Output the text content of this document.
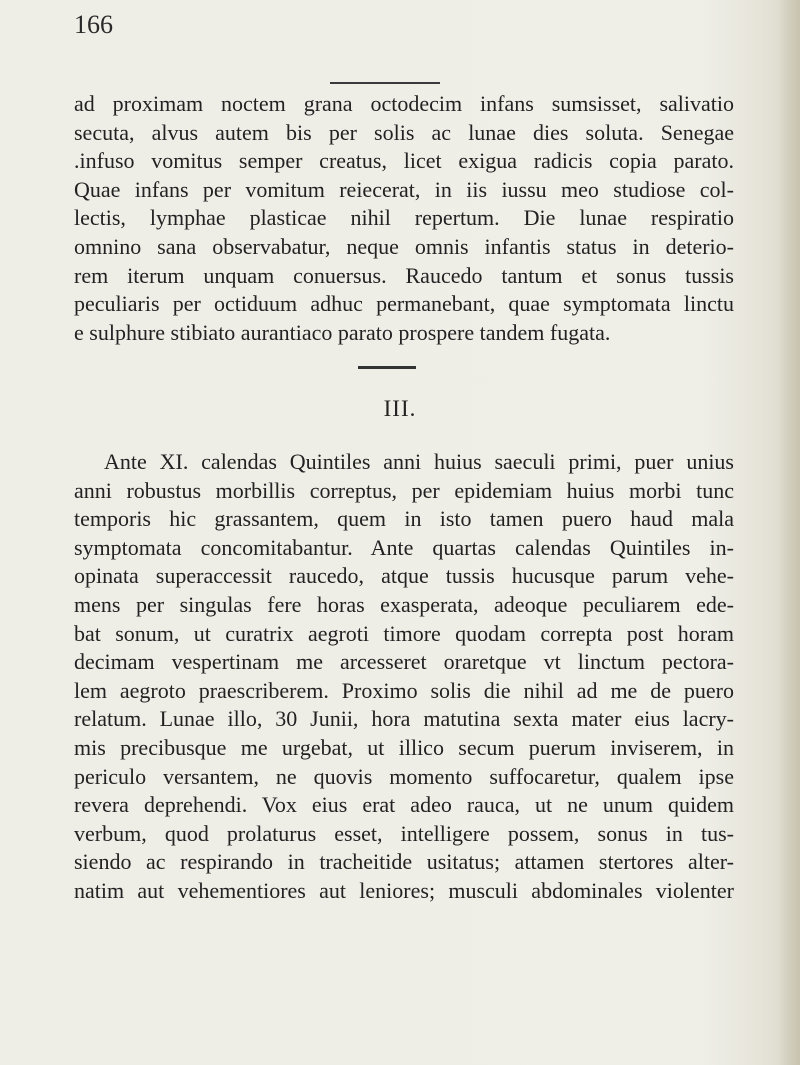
166
ad proximam noctem grana octodecim infans sumsisset, salivatio
secuta, alvus autem bis per solis ac lunae dies soluta. Senegae
.infuso vomitus semper creatus, licet exigua radicis copia parato.
Quae infans per vomitum reiecerat, in iis iussu meo studiose col-
lectis, lymphae plasticae nihil repertum. Die lunae respiratio
omnino sana observabatur, neque omnis infantis status in deterio-
rem iterum unquam conuersus. Raucedo tantum et sonus tussis
peculiaris per octiduum adhuc permanebant, quae symptomata linctu
e sulphure stibiato aurantiaco parato prospere tandem fugata.
III.
Ante XI. calendas Quintiles anni huius saeculi primi, puer unius
anni robustus morbillis correptus, per epidemiam huius morbi tunc
temporis hic grassantem, quem in isto tamen puero haud mala
symptomata concomitabantur. Ante quartas calendas Quintiles in-
opinata superaccessit raucedo, atque tussis hucusque parum vehe-
mens per singulas fere horas exasperata, adeoque peculiarem ede-
bat sonum, ut curatrix aegroti timore quodam correpta post horam
decimam vespertinam me arcesseret oraretque vt linctum pectora-
lem aegroto praescriberem. Proximo solis die nihil ad me de puero
relatum. Lunae illo, 30 Junii, hora matutina sexta mater eius lacry-
mis precibusque me urgebat, ut illico secum puerum inviserem, in
periculo versantem, ne quovis momento suffocaretur, qualem ipse
revera deprehendi. Vox eius erat adeo rauca, ut ne unum quidem
verbum, quod prolaturus esset, intelligere possem, sonus in tus-
siendo ac respirando in tracheitide usitatus; attamen stertores alter-
natim aut vehementiores aut leniores; musculi abdominales violenter
